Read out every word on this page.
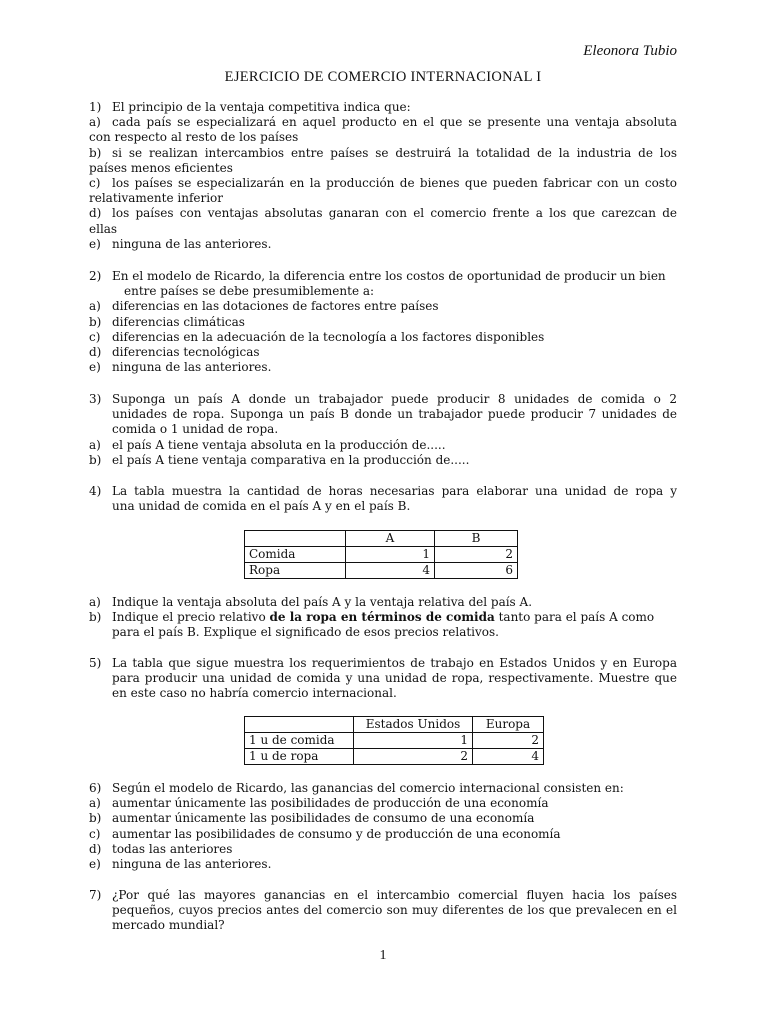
Eleonora Tubio
EJERCICIO DE COMERCIO INTERNACIONAL I
1) El principio de la ventaja competitiva indica que:
a) cada país se especializará en aquel producto en el que se presente una ventaja absoluta
con respecto al resto de los países
b) si se realizan intercambios entre países se destruirá la totalidad de la industria de los
países menos eficientes
c) los países se especializarán en la producción de bienes que pueden fabricar con un costo
relativamente inferior
d) los países con ventajas absolutas ganaran con el comercio frente a los que carezcan de
ellas
e) ninguna de las anteriores.
2) En el modelo de Ricardo, la diferencia entre los costos de oportunidad de producir un bien
entre países se debe presumiblemente a:
a) diferencias en las dotaciones de factores entre países
b) diferencias climáticas
c) diferencias en la adecuación de la tecnología a los factores disponibles
d) diferencias tecnológicas
e) ninguna de las anteriores.
3) Suponga un país A donde un trabajador puede producir 8 unidades de comida o 2
unidades de ropa. Suponga un país B donde un trabajador puede producir 7 unidades de
comida o 1 unidad de ropa.
a) el país A tiene ventaja absoluta en la producción de.....
b) el país A tiene ventaja comparativa en la producción de.....
4) La tabla muestra la cantidad de horas necesarias para elaborar una unidad de ropa y
una unidad de comida en el país A y en el país B.
	A	B
Comida	1	2
Ropa	4	6
a) Indique la ventaja absoluta del país A y la ventaja relativa del país A.
b) Indique el precio relativo de la ropa en términos de comida tanto para el país A como
para el país B. Explique el significado de esos precios relativos.
5) La tabla que sigue muestra los requerimientos de trabajo en Estados Unidos y en Europa
para producir una unidad de comida y una unidad de ropa, respectivamente. Muestre que
en este caso no habría comercio internacional.
	Estados Unidos	Europa
1 u de comida	1	2
1 u de ropa	2	4
6) Según el modelo de Ricardo, las ganancias del comercio internacional consisten en:
a) aumentar únicamente las posibilidades de producción de una economía
b) aumentar únicamente las posibilidades de consumo de una economía
c) aumentar las posibilidades de consumo y de producción de una economía
d) todas las anteriores
e) ninguna de las anteriores.
7) ¿Por qué las mayores ganancias en el intercambio comercial fluyen hacia los países
pequeños, cuyos precios antes del comercio son muy diferentes de los que prevalecen en el
mercado mundial?
1
